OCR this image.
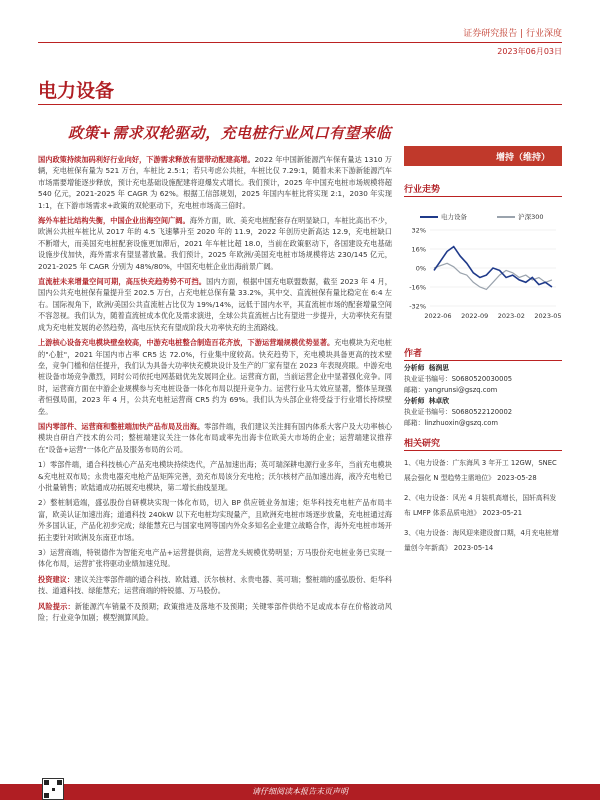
证券研究报告 | 行业深度
2023年06月03日
电力设备
政策+需求双轮驱动，充电桩行业风口有望来临

国内政策持续加码利好行业向好，下游需求释放有望带动配建高增。2022 年中国新能源汽车保有量达 1310 万辆，充电桩保有量为 521 万台，车桩比 2.5:1；若只考虑公共桩，车桩比仅 7.29:1，随着未来下游新能源汽车市场需要增能逐步释放，预计充电基础设施配建将迎爆发式增长。我们预计，2025 年中国充电桩市场规模将超 540 亿元，2021-2025 年 CAGR 为 62%。根据工信部规划，2025 年国内车桩比将实现 2:1，2030 年实现 1:1，在下游市场需求+政策的双轮驱动下，充电桩市场高三倍时。

海外车桩比结构失衡，中国企业出海空间广阔。海外方面，欧、美充电桩配套存在明显缺口，车桩比高出不少，欧洲公共桩车桩比从 2017 年的 4.5 飞速攀升至 2020 年的 11.9，2022 年创历史新高达 12.9，充电桩缺口不断增大，而美国充电桩配套设施更加滞后，2021 年车桩比超 18.0，当前在政策驱动下，各国建设充电基础设施步伐加快，海外需求有望显著放量。我们预计，2025 年欧洲/美国充电桩市场规模将达 230/145 亿元，2021-2025 年 CAGR 分别为 48%/80%，中国充电桩企业出海前景广阔。

直流桩未来增量空间可期，高压快充趋势势不可挡。国内方面，根据中国充电联盟数据，截至 2023 年 4 月，国内公共充电桩保有量提升至 202.5 万台，占充电桩总保有量 33.2%，其中交、直流桩保有量比稳定在 6:4 左右。国际视角下，欧洲/美国公共直流桩占比仅为 19%/14%，远低于国内水平，其直流桩市场的配套增量空间不容忽视。我们认为，随着直流桩成本优化及需求演进，全球公共直流桩占比有望进一步提升，大功率快充有望成为充电桩发展的必然趋势，高电压快充有望成阶段大功率快充的主流路线。

上游核心设备充电模块壁垒较高，中游充电桩整合制造百花齐放，下游运营端规模优势显著。充电模块为充电桩的"心脏"，2021 年国内市占率 CR5 达 72.0%，行业集中度较高。快充趋势下，充电模块具备更高的技术壁垒，竞争门槛和信任提升，我们认为具备大功率快充模块设计及生产的厂家有望在 2023 年表现亮眼。中游充电桩设备市场竞争激烈，同时公司依托电网基础优先发展同企业。运营商方面，当前运营企业中显著强化竞争。同时，运营商方面在中游企业规模参与充电桩设备一体化布局以提升竞争力。运营行业马太效应显著，整体呈现强者恒强局面，2023 年 4 月，公共充电桩运营商 CR5 约为 69%。我们认为头部企业将受益于行业增长持续壁垒。

国内零部件、运营商和整桩端加快产品布局及出海。零部件端，我们建议关注拥有国内体系大客户及大功率核心模块自研自产技术的公司；整桩端建议关注一体化布局或率先出海卡位欧美大市场的企业；运营端建议推荐在"设备+运营"一体化产品及服务布局的公司。

1）零部件端，通合科技核心产品充电模块持续迭代，产品加速出海；英可瑞深耕电源行业多年，当前充电模块&充电桩双布局；永贵电器充电枪产品矩阵完善，劲充布局该分充电枪；沃尔核材产品加速出海，液冷充电枪已小批量销售；欧陆通成功拓展充电模块，第二增长曲线显现。

2）整桩制造端，盛弘股份自研模块实现一体化布局，切入 BP 供应链业务加速；炬华科技充电桩产品布局丰富，欧美认证加速出海；道通科技 240kW 以下充电桩均实现量产，且欧洲充电桩市场逐步放量，充电桩通过海外多国认证，产品化初步完成；绿能慧充已与国家电网等国内外众多知名企业建立战略合作，海外充电桩市场开拓主要针对欧洲及东南亚市场。

3）运营商端，特锐德作为智能充电产品+运营提供商，运营龙头规模优势明显；万马股份充电桩业务已实现一体化布局，运营扩张将驱动业绩加速兑现。

投资建议：建议关注零部件端的通合科技、欧陆通、沃尔核材、永贵电器、英可瑞；整桩端的盛弘股份、炬华科技、道通科技、绿能慧充；运营商端的特锐德、万马股份。

风险提示：新能源汽车销量不及预期；政策推进及落地不及预期；关键零部件供给不足或成本存在价格波动风险；行业竞争加剧；模型测算风险。

增持（维持）
行业走势
电力设备	沪深300
32%
16%
0%
-16%
-32%
2022-06 2022-09 2023-02 2023-05
作者
分析师 杨润思
执业证书编号：S0680520030005
邮箱：yangrunsi@gszq.com
分析师 林卓欣
执业证书编号：S0680522120002
邮箱：linzhuoxin@gszq.com
相关研究
1、《电力设备：广东海风 3 年开工 12GW，SNEC 展会强化 N 型趋势主需地位》 2023-05-28
2、《电力设备：风光 4 月装机高增长，国轩高科发布 LMFP 体系品质电池》 2023-05-21
3、《电力设备：海风迎来建设窗口期，4月充电桩增量创今年新高》 2023-05-14
请仔细阅读本报告末页声明
